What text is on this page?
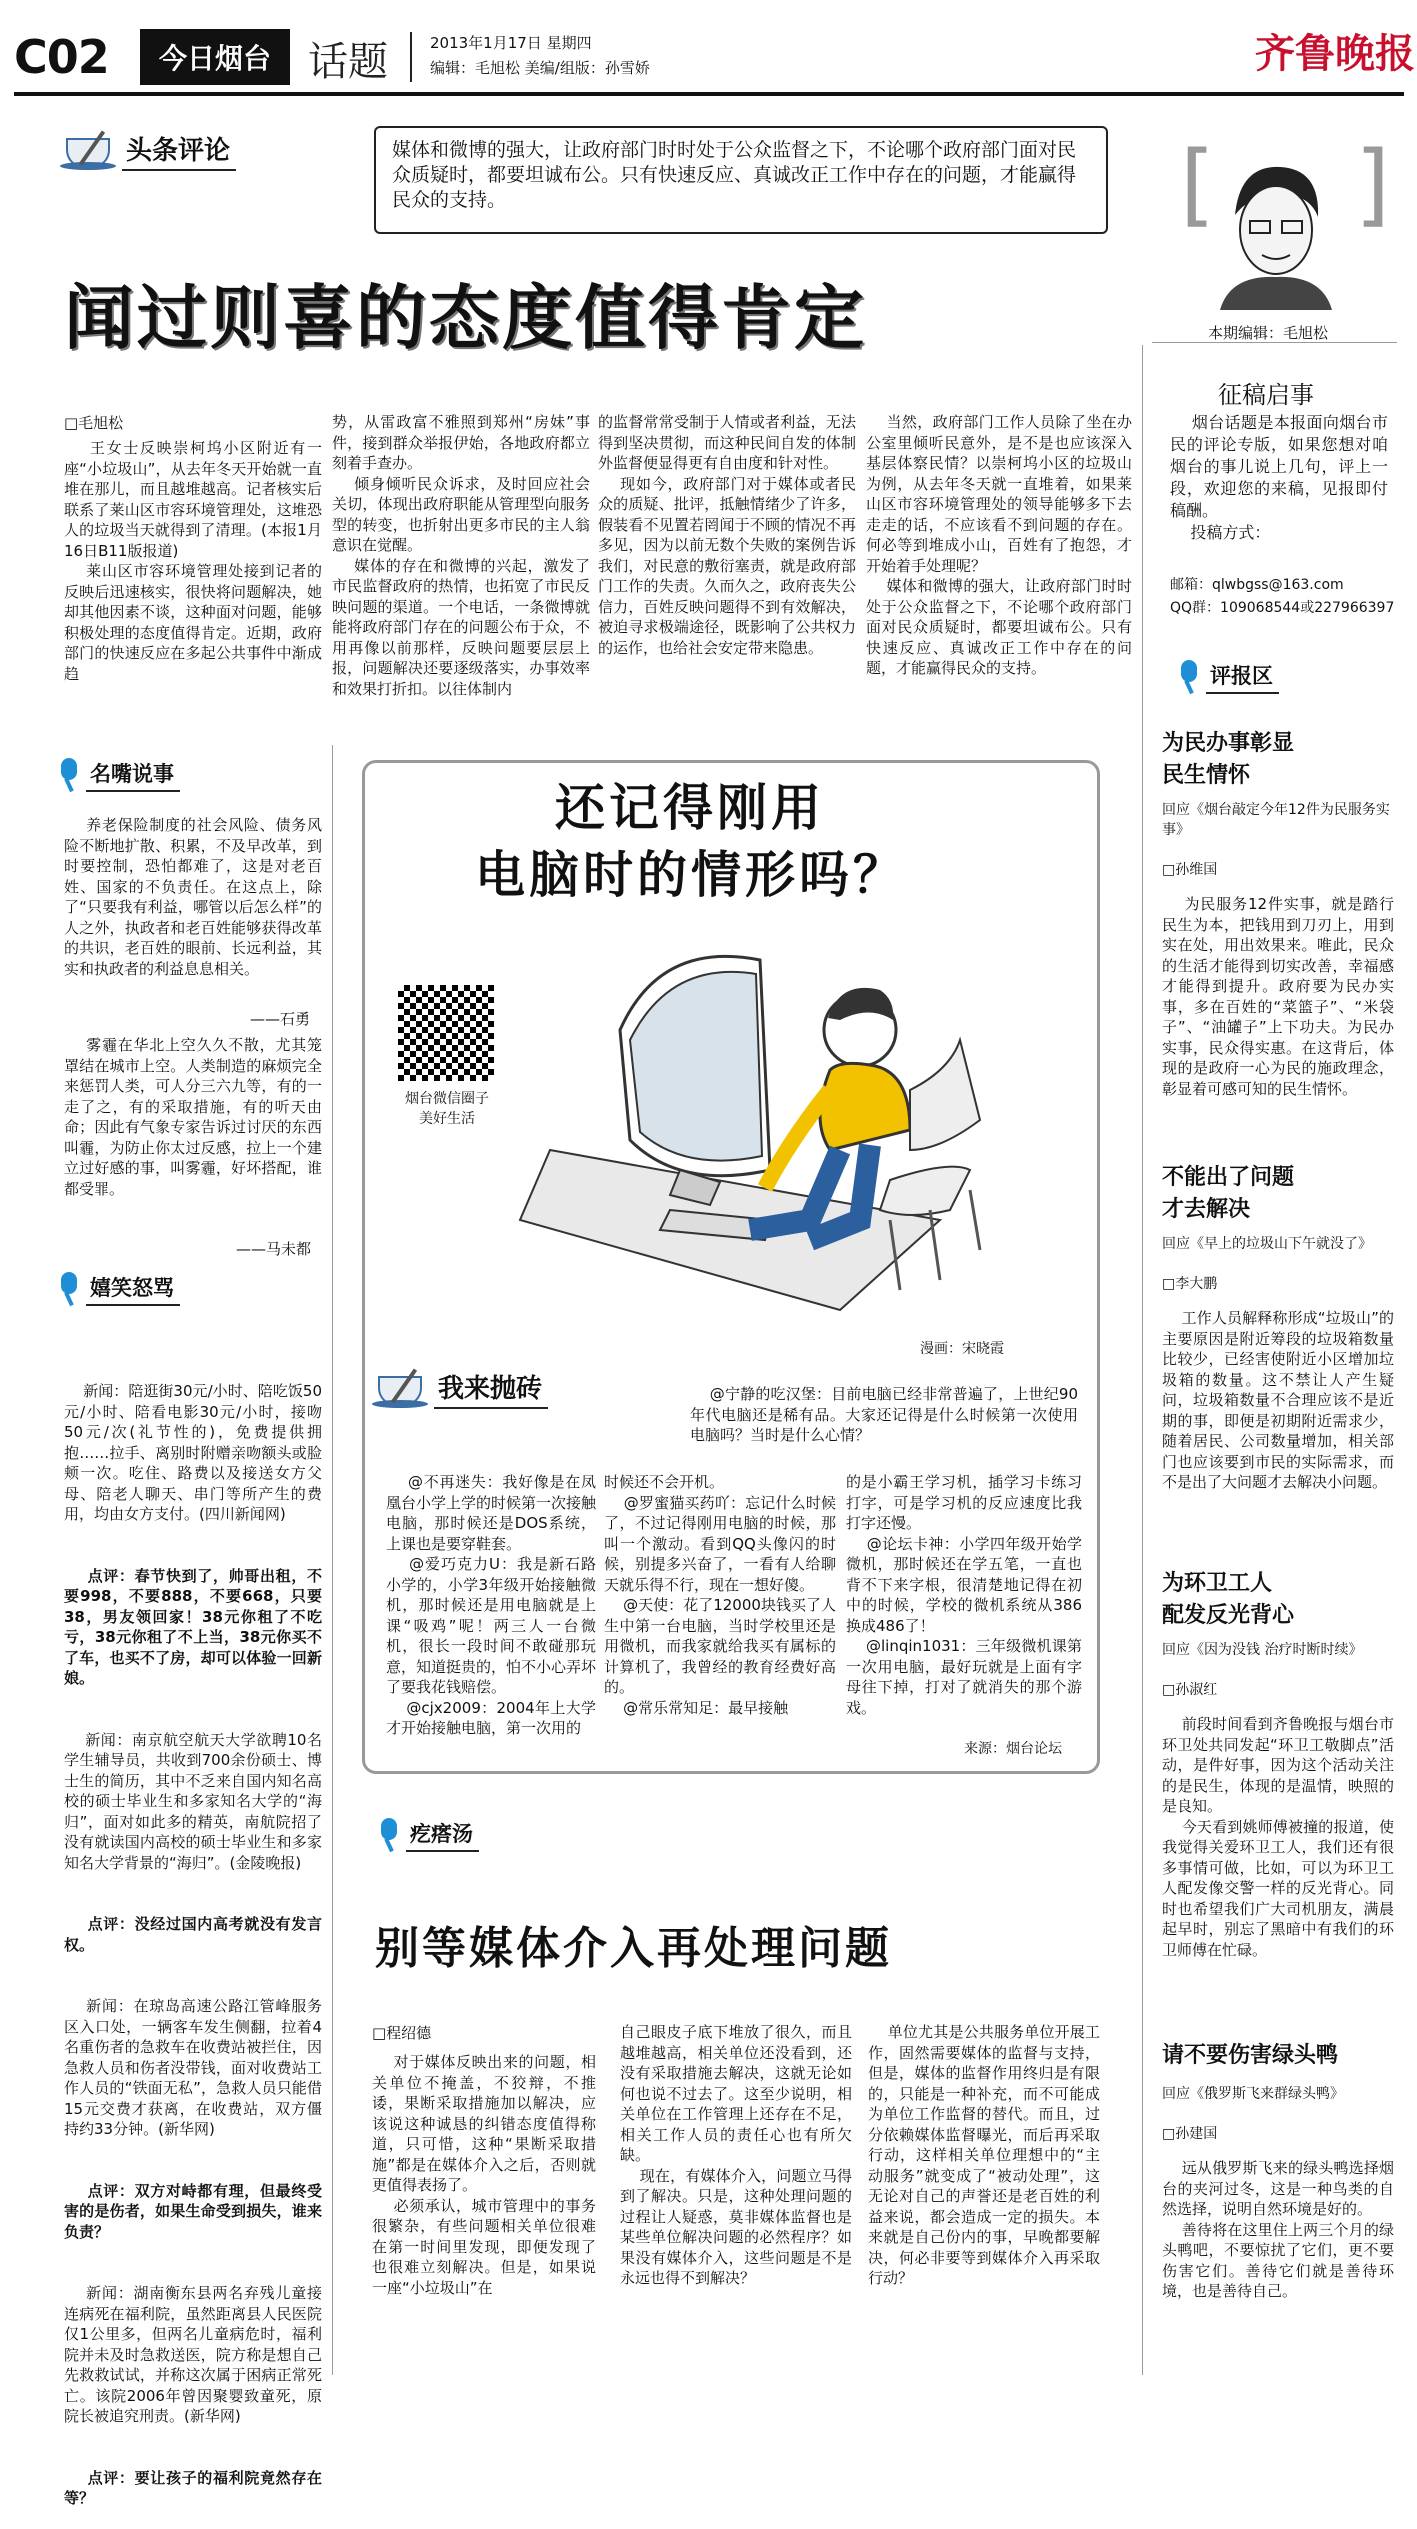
C02	今日烟台 话题	2013年1月17日 星期四
编辑：毛旭松 美编/组版：孙雪娇	齐鲁晚报
头条评论	媒体和微博的强大，让政府部门时时处于公众监督之下，不论哪个政府部门面对民众质疑时，都要坦诚布公。只有快速反应、真诚改正工作中存在的问题，才能赢得民众的支持。
闻过则喜的态度值得肯定
[ ]
本期编辑：毛旭松
征稿启事
烟台话题是本报面向烟台市民的评论专版，如果您想对咱烟台的事儿说上几句，评上一段，欢迎您的来稿，见报即付稿酬。
投稿方式：
邮箱：qlwbgss@163.com
QQ群：109068544或227966397
□毛旭松
王女士反映崇柯坞小区附近有一座“小垃圾山”，从去年冬天开始就一直堆在那儿，而且越堆越高。记者核实后联系了莱山区市容环境管理处，这堆恐人的垃圾当天就得到了清理。(本报1月16日B11版报道)
莱山区市容环境管理处接到记者的反映后迅速核实，很快将问题解决，她却其他因素不谈，这种面对问题，能够积极处理的态度值得肯定。近期，政府部门的快速反应在多起公共事件中渐成趋
势，从雷政富不雅照到郑州“房妹”事件，接到群众举报伊始，各地政府都立刻着手查办。
倾身倾听民众诉求，及时回应社会关切，体现出政府职能从管理型向服务型的转变，也折射出更多市民的主人翁意识在觉醒。
媒体的存在和微博的兴起，激发了市民监督政府的热情，也拓宽了市民反映问题的渠道。一个电话，一条微博就能将政府部门存在的问题公布于众，不用再像以前那样，反映问题要层层上报，问题解决还要逐级落实，办事效率和效果打折扣。以往体制内
的监督常常受制于人情或者利益，无法得到坚决贯彻，而这种民间自发的体制外监督便显得更有自由度和针对性。
现如今，政府部门对于媒体或者民众的质疑、批评，抵触情绪少了许多，假装看不见置若罔闻于不顾的情况不再多见，因为以前无数个失败的案例告诉我们，对民意的敷衍塞责，就是政府部门工作的失责。久而久之，政府丧失公信力，百姓反映问题得不到有效解决，被迫寻求极端途径，既影响了公共权力的运作，也给社会安定带来隐患。
当然，政府部门工作人员除了坐在办公室里倾听民意外，是不是也应该深入基层体察民情？以崇柯坞小区的垃圾山为例，从去年冬天就一直堆着，如果莱山区市容环境管理处的领导能够多下去走走的话，不应该看不到问题的存在。何必等到堆成小山，百姓有了抱怨，才开始着手处理呢？
媒体和微博的强大，让政府部门时时处于公众监督之下，不论哪个政府部门面对民众质疑时，都要坦诚布公。只有快速反应、真诚改正工作中存在的问题，才能赢得民众的支持。
名嘴说事
养老保险制度的社会风险、债务风险不断地扩散、积累，不及早改革，到时要控制，恐怕都难了，这是对老百姓、国家的不负责任。在这点上，除了“只要我有利益，哪管以后怎么样”的人之外，执政者和老百姓能够获得改革的共识，老百姓的眼前、长远利益，其实和执政者的利益息息相关。
——石勇
雾霾在华北上空久久不散，尤其笼罩结在城市上空。人类制造的麻烦完全来惩罚人类，可人分三六九等，有的一走了之，有的采取措施，有的听天由命；因此有气象专家告诉过讨厌的东西叫霾，为防止你太过反感，拉上一个建立过好感的事，叫雾霾，好坏搭配，谁都受罪。
——马未都
嬉笑怒骂

新闻：陪逛街30元/小时、陪吃饭50元/小时、陪看电影30元/小时，接吻50元/次(礼节性的)，免费提供拥抱……拉手、离别时附赠亲吻额头或脸颊一次。吃住、路费以及接送女方父母、陪老人聊天、串门等所产生的费用，均由女方支付。(四川新闻网)

点评：春节快到了，帅哥出租，不要998，不要888，不要668，只要38，男友领回家！38元你租了不吃亏，38元你租了不上当，38元你买不了车，也买不了房，却可以体验一回新娘。

新闻：南京航空航天大学欲聘10名学生辅导员，共收到700余份硕士、博士生的简历，其中不乏来自国内知名高校的硕士毕业生和多家知名大学的“海归”，面对如此多的精英，南航院招了没有就读国内高校的硕士毕业生和多家知名大学背景的“海归”。(金陵晚报)

点评：没经过国内高考就没有发言权。

新闻：在琼岛高速公路江管峰服务区入口处，一辆客车发生侧翻，拉着4名重伤者的急救车在收费站被拦住，因急救人员和伤者没带钱，面对收费站工作人员的“铁面无私”，急救人员只能借15元交费才获离，在收费站，双方僵持约33分钟。(新华网)

点评：双方对峙都有理，但最终受害的是伤者，如果生命受到损失，谁来负责？

新闻：湖南衡东县两名弃残儿童接连病死在福利院，虽然距离县人民医院仅1公里多，但两名儿童病危时，福利院并未及时急救送医，院方称是想自己先救救试试，并称这次属于困病正常死亡。该院2006年曾因聚婴致童死，原院长被追究刑责。(新华网)

点评：要让孩子的福利院竟然存在等？

还记得刚用
电脑时的情形吗？
烟台微信圈子
美好生活
漫画：宋晓霞
我来抛砖	@宁静的吃汉堡：目前电脑已经非常普遍了，上世纪90年代电脑还是稀有品。大家还记得是什么时候第一次使用电脑吗？当时是什么心情？
@不再迷失：我好像是在凤凰台小学上学的时候第一次接触电脑，那时候还是DOS系统，上课也是要穿鞋套。
@爱巧克力U：我是新石路小学的，小学3年级开始接触微机，那时候还是用电脑就是上课“吸鸡”呢！两三人一台微机，很长一段时间不敢碰那玩意，知道挺贵的，怕不小心弄坏了要我花钱赔偿。
@cjx2009：2004年上大学才开始接触电脑，第一次用的
时候还不会开机。
@罗蜜猫买药吖：忘记什么时候了，不过记得刚用电脑的时候，那叫一个激动。看到QQ头像闪的时候，别提多兴奋了，一看有人给聊天就乐得不行，现在一想好傻。
@天使：花了12000块钱买了人生中第一台电脑，当时学校里还是用微机，而我家就给我买有属标的计算机了，我曾经的教育经费好高的。
@常乐常知足：最早接触
的是小霸王学习机，插学习卡练习打字，可是学习机的反应速度比我打字还慢。
@论坛卡神：小学四年级开始学微机，那时候还在学五笔，一直也背不下来字根，很清楚地记得在初中的时候，学校的微机系统从386换成486了！
@linqin1031：三年级微机课第一次用电脑，最好玩就是上面有字母往下掉，打对了就消失的那个游戏。
来源：烟台论坛
疙瘩汤
别等媒体介入再处理问题
□程绍德
对于媒体反映出来的问题，相关单位不掩盖，不狡辩，不推诿，果断采取措施加以解决，应该说这种诚恳的纠错态度值得称道，只可惜，这种“果断采取措施”都是在媒体介入之后，否则就更值得表扬了。
必须承认，城市管理中的事务很繁杂，有些问题相关单位很难在第一时间里发现，即便发现了也很难立刻解决。但是，如果说一座“小垃圾山”在
自己眼皮子底下堆放了很久，而且越堆越高，相关单位还没看到，还没有采取措施去解决，这就无论如何也说不过去了。这至少说明，相关单位在工作管理上还存在不足，相关工作人员的责任心也有所欠缺。
现在，有媒体介入，问题立马得到了解决。只是，这种处理问题的过程让人疑惑，莫非媒体监督也是某些单位解决问题的必然程序？如果没有媒体介入，这些问题是不是永远也得不到解决？
单位尤其是公共服务单位开展工作，固然需要媒体的监督与支持，但是，媒体的监督作用终归是有限的，只能是一种补充，而不可能成为单位工作监督的替代。而且，过分依赖媒体监督曝光，而后再采取行动，这样相关单位理想中的“主动服务”就变成了“被动处理”，这无论对自己的声誉还是老百姓的利益来说，都会造成一定的损失。本来就是自己份内的事，早晚都要解决，何必非要等到媒体介入再采取行动？
评报区
为民办事彰显
民生情怀
回应《烟台敲定今年12件为民服务实事》
□孙维国
为民服务12件实事，就是踏行民生为本，把钱用到刀刃上，用到实在处，用出效果来。唯此，民众的生活才能得到切实改善，幸福感才能得到提升。政府要为民办实事，多在百姓的“菜篮子”、“米袋子”、“油罐子”上下功夫。为民办实事，民众得实惠。在这背后，体现的是政府一心为民的施政理念，彰显着可感可知的民生情怀。
不能出了问题
才去解决
回应《早上的垃圾山下午就没了》
□李大鹏
工作人员解释称形成“垃圾山”的主要原因是附近筹段的垃圾箱数量比较少，已经害使附近小区增加垃圾箱的数量。这不禁让人产生疑问，垃圾箱数量不合理应该不是近期的事，即便是初期附近需求少，随着居民、公司数量增加，相关部门也应该要到市民的实际需求，而不是出了大问题才去解决小问题。
为环卫工人
配发反光背心
回应《因为没钱 治疗时断时续》
□孙淑红
前段时间看到齐鲁晚报与烟台市环卫处共同发起“环卫工敬脚点”活动，是件好事，因为这个活动关注的是民生，体现的是温情，映照的是良知。
今天看到姚师傅被撞的报道，使我觉得关爱环卫工人，我们还有很多事情可做，比如，可以为环卫工人配发像交警一样的反光背心。同时也希望我们广大司机朋友，满晨起早时，别忘了黑暗中有我们的环卫师傅在忙碌。
请不要伤害绿头鸭
回应《俄罗斯飞来群绿头鸭》
□孙建国
远从俄罗斯飞来的绿头鸭选择烟台的夹河过冬，这是一种鸟类的自然选择，说明自然环境是好的。
善待将在这里住上两三个月的绿头鸭吧，不要惊扰了它们，更不要伤害它们。善待它们就是善待环境，也是善待自己。
